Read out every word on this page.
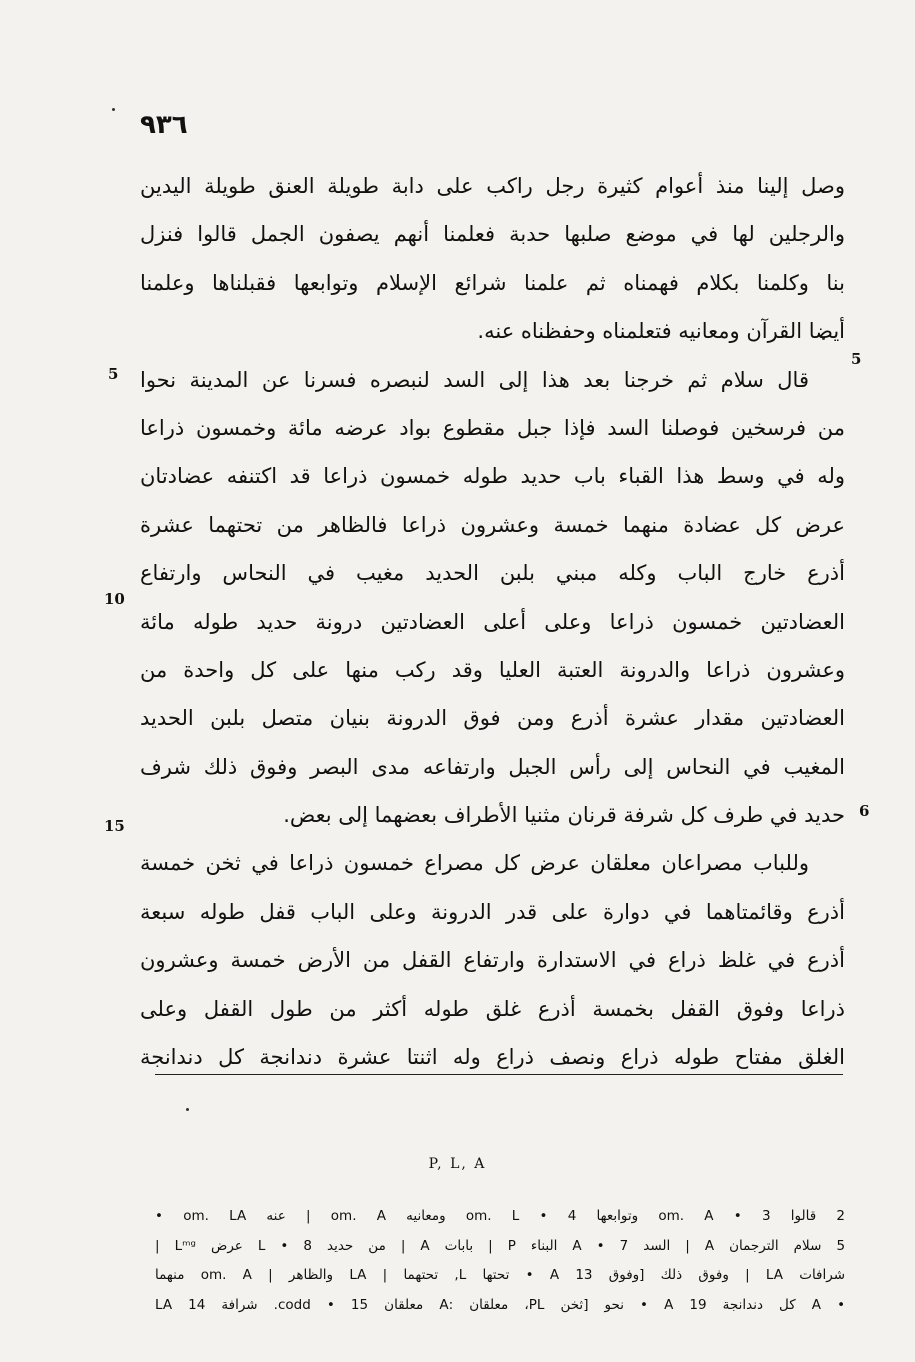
٩٣٦
وصل إلينا منذ أعوام كثيرة رجل راكب على دابة طويلة العنق طويلة اليدين
والرجلين لها في موضع صلبها حدبة فعلمنا أنهم يصفون الجمل قالوا فنزل
بنا وكلمنا بكلام فهمناه ثم علمنا شرائع الإسلام وتوابعها فقبلناها وعلمنا
أيضا القرآن ومعانيه فتعلمناه وحفظناه عنه.
قال سلام ثم خرجنا بعد هذا إلى السد لنبصره فسرنا عن المدينة نحوا
من فرسخين فوصلنا السد فإذا جبل مقطوع بواد عرضه مائة وخمسون ذراعا
وله في وسط هذا القباء باب حديد طوله خمسون ذراعا قد اكتنفه عضادتان
عرض كل عضادة منهما خمسة وعشرون ذراعا فالظاهر من تحتهما عشرة
أذرع خارج الباب وكله مبني بلبن الحديد مغيب في النحاس وارتفاع
العضادتين خمسون ذراعا وعلى أعلى العضادتين درونة حديد طوله مائة
وعشرون ذراعا والدرونة العتبة العليا وقد ركب منها على كل واحدة من
العضادتين مقدار عشرة أذرع ومن فوق الدرونة بنيان متصل بلبن الحديد
المغيب في النحاس إلى رأس الجبل وارتفاعه مدى البصر وفوق ذلك شرف
حديد في طرف كل شرفة قرنان مثنيا الأطراف بعضهما إلى بعض.
وللباب مصراعان معلقان عرض كل مصراع خمسون ذراعا في ثخن خمسة
أذرع وقائمتاهما في دوارة على قدر الدرونة وعلى الباب قفل طوله سبعة
أذرع في غلظ ذراع في الاستدارة وارتفاع القفل من الأرض خمسة وعشرون
ذراعا وفوق القفل بخمسة أذرع غلق طوله أكثر من طول القفل وعلى
الغلق مفتاح طوله ذراع ونصف ذراع وله اثنتا عشرة دندانجة كل دندانجة
5
10
15
5
6
P, L, A
2 قالوا om. A • 3 وتوابعها om. L • 4 ومعانيه om. A | عنه om. LA •
5 سلام الترجمان A | السد A • 7 البناء P | بابات A | من حديد L • 8 عرض Lᵐᵍ |
شرافات LA | وفوق ذلك [وفوق 13 A • تحتها L, تحتهما | LA والظاهر | om. A منهما
• A كل دندانجة 19 A • نحو [ثخن PL، معلقان :A معلقان 15 • codd. شرافة 14 LA
